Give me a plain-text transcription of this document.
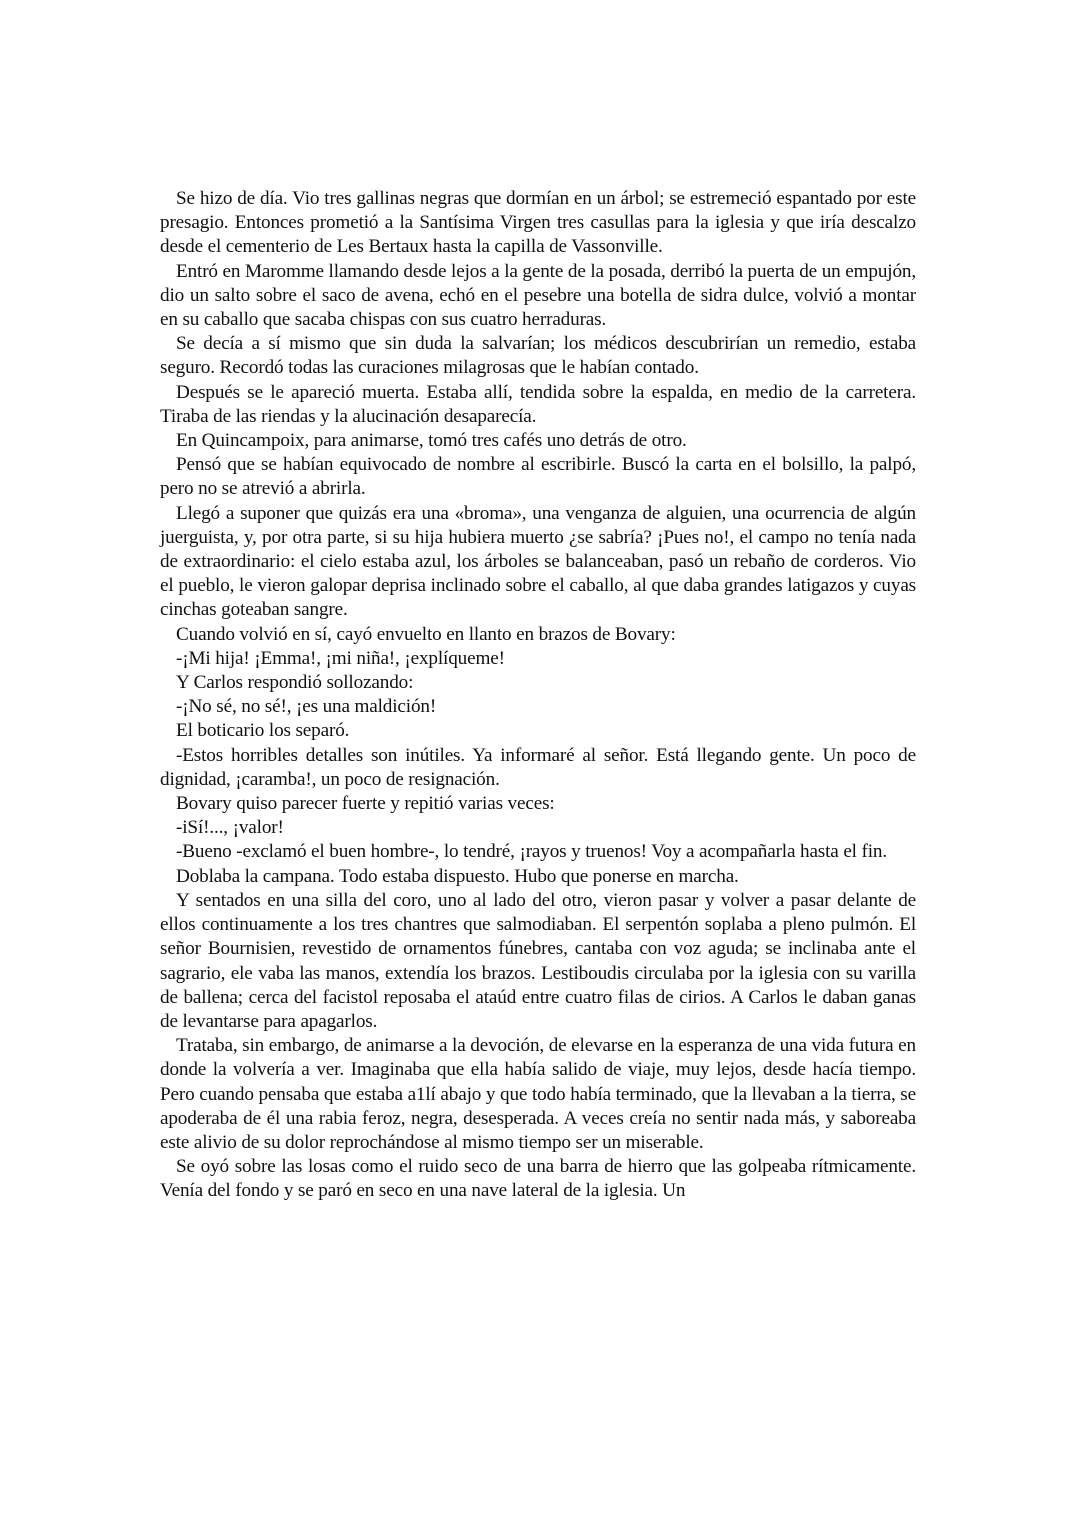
Se hizo de día. Vio tres gallinas negras que dormían en un árbol; se estremeció espantado por este presagio. Entonces prometió a la Santísima Virgen tres casullas para la iglesia y que iría descalzo desde el cementerio de Les Bertaux hasta la capilla de Vassonville.

Entró en Maromme llamando desde lejos a la gente de la posada, derribó la puerta de un empujón, dio un salto sobre el saco de avena, echó en el pesebre una botella de sidra dulce, volvió a montar en su caballo que sacaba chispas con sus cuatro herraduras.

Se decía a sí mismo que sin duda la salvarían; los médicos descubrirían un remedio, estaba seguro. Recordó todas las curaciones milagrosas que le habían contado.

Después se le apareció muerta. Estaba allí, tendida sobre la espalda, en medio de la carretera. Tiraba de las riendas y la alucinación desaparecía.

En Quincampoix, para animarse, tomó tres cafés uno detrás de otro.

Pensó que se habían equivocado de nombre al escribirle. Buscó la carta en el bolsillo, la palpó, pero no se atrevió a abrirla.

Llegó a suponer que quizás era una «broma», una venganza de alguien, una ocurrencia de algún juerguista, y, por otra parte, si su hija hubiera muerto ¿se sabría? ¡Pues no!, el campo no tenía nada de extraordinario: el cielo estaba azul, los árboles se balanceaban, pasó un rebaño de corderos. Vio el pueblo, le vieron galopar deprisa inclinado sobre el caballo, al que daba grandes latigazos y cuyas cinchas goteaban sangre.

Cuando volvió en sí, cayó envuelto en llanto en brazos de Bovary:

-¡Mi hija! ¡Emma!, ¡mi niña!, ¡explíqueme!

Y Carlos respondió sollozando:

-¡No sé, no sé!, ¡es una maldición!

El boticario los separó.

-Estos horribles detalles son inútiles. Ya informaré al señor. Está llegando gente. Un poco de dignidad, ¡caramba!, un poco de resignación.

Bovary quiso parecer fuerte y repitió varias veces:

-iSí!..., ¡valor!

-Bueno -exclamó el buen hombre-, lo tendré, ¡rayos y truenos! Voy a acompañarla hasta el fin.

Doblaba la campana. Todo estaba dispuesto. Hubo que ponerse en marcha.

Y sentados en una silla del coro, uno al lado del otro, vieron pasar y volver a pasar delante de ellos continuamente a los tres chantres que salmodiaban. El serpentón soplaba a pleno pulmón. El señor Bournisien, revestido de ornamentos fúnebres, cantaba con voz aguda; se inclinaba ante el sagrario, ele vaba las manos, extendía los brazos. Lestiboudis circulaba por la iglesia con su varilla de ballena; cerca del facistol reposaba el ataúd entre cuatro filas de cirios. A Carlos le daban ganas de levantarse para apagarlos.

Trataba, sin embargo, de animarse a la devoción, de elevarse en la esperanza de una vida futura en donde la volvería a ver. Imaginaba que ella había salido de viaje, muy lejos, desde hacía tiempo. Pero cuando pensaba que estaba a1lí abajo y que todo había terminado, que la llevaban a la tierra, se apoderaba de él una rabia feroz, negra, desesperada. A veces creía no sentir nada más, y saboreaba este alivio de su dolor reprochándose al mismo tiempo ser un miserable.

Se oyó sobre las losas como el ruido seco de una barra de hierro que las golpeaba rítmicamente. Venía del fondo y se paró en seco en una nave lateral de la iglesia. Un
